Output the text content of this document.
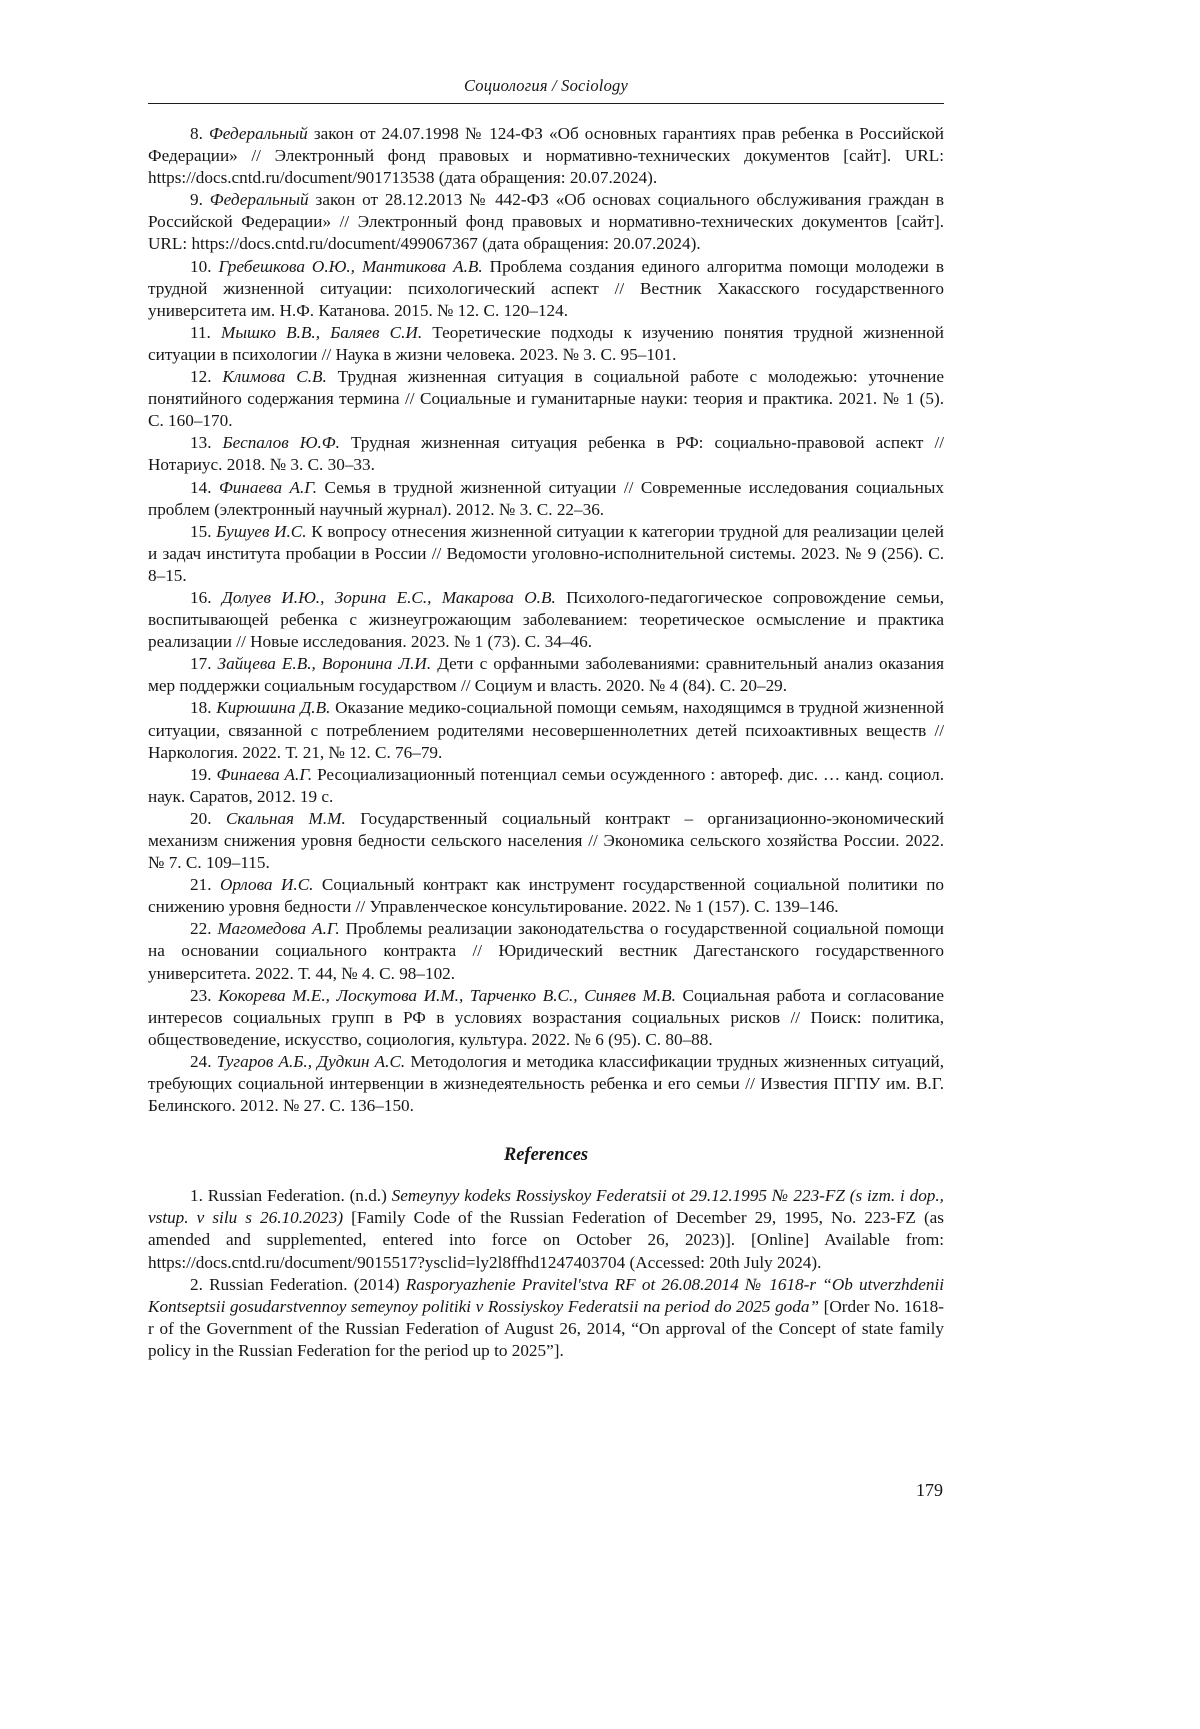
Социология / Sociology

8. Федеральный закон от 24.07.1998 № 124-ФЗ «Об основных гарантиях прав ребенка в Российской Федерации» // Электронный фонд правовых и нормативно-технических документов [сайт]. URL: https://docs.cntd.ru/document/901713538 (дата обращения: 20.07.2024).

9. Федеральный закон от 28.12.2013 № 442-ФЗ «Об основах социального обслуживания граждан в Российской Федерации» // Электронный фонд правовых и нормативно-технических документов [сайт]. URL: https://docs.cntd.ru/document/499067367 (дата обращения: 20.07.2024).

10. Гребешкова О.Ю., Мантикова А.В. Проблема создания единого алгоритма помощи молодежи в трудной жизненной ситуации: психологический аспект // Вестник Хакасского государственного университета им. Н.Ф. Катанова. 2015. № 12. С. 120–124.

11. Мышко В.В., Баляев С.И. Теоретические подходы к изучению понятия трудной жизненной ситуации в психологии // Наука в жизни человека. 2023. № 3. С. 95–101.

12. Климова С.В. Трудная жизненная ситуация в социальной работе с молодежью: уточнение понятийного содержания термина // Социальные и гуманитарные науки: теория и практика. 2021. № 1 (5). С. 160–170.

13. Беспалов Ю.Ф. Трудная жизненная ситуация ребенка в РФ: социально-правовой аспект // Нотариус. 2018. № 3. С. 30–33.

14. Финаева А.Г. Семья в трудной жизненной ситуации // Современные исследования социальных проблем (электронный научный журнал). 2012. № 3. С. 22–36.

15. Бушуев И.С. К вопросу отнесения жизненной ситуации к категории трудной для реализации целей и задач института пробации в России // Ведомости уголовно-исполнительной системы. 2023. № 9 (256). С. 8–15.

16. Долуев И.Ю., Зорина Е.С., Макарова О.В. Психолого-педагогическое сопровождение семьи, воспитывающей ребенка с жизнеугрожающим заболеванием: теоретическое осмысление и практика реализации // Новые исследования. 2023. № 1 (73). С. 34–46.

17. Зайцева Е.В., Воронина Л.И. Дети с орфанными заболеваниями: сравнительный анализ оказания мер поддержки социальным государством // Социум и власть. 2020. № 4 (84). С. 20–29.

18. Кирюшина Д.В. Оказание медико-социальной помощи семьям, находящимся в трудной жизненной ситуации, связанной с потреблением родителями несовершеннолетних детей психоактивных веществ // Наркология. 2022. Т. 21, № 12. С. 76–79.

19. Финаева А.Г. Ресоциализационный потенциал семьи осужденного : автореф. дис. … канд. социол. наук. Саратов, 2012. 19 с.

20. Скальная М.М. Государственный социальный контракт – организационно-экономический механизм снижения уровня бедности сельского населения // Экономика сельского хозяйства России. 2022. № 7. С. 109–115.

21. Орлова И.С. Социальный контракт как инструмент государственной социальной политики по снижению уровня бедности // Управленческое консультирование. 2022. № 1 (157). С. 139–146.

22. Магомедова А.Г. Проблемы реализации законодательства о государственной социальной помощи на основании социального контракта // Юридический вестник Дагестанского государственного университета. 2022. Т. 44, № 4. С. 98–102.

23. Кокорева М.Е., Лоскутова И.М., Тарченко В.С., Синяев М.В. Социальная работа и согласование интересов социальных групп в РФ в условиях возрастания социальных рисков // Поиск: политика, обществоведение, искусство, социология, культура. 2022. № 6 (95). С. 80–88.

24. Тугаров А.Б., Дудкин А.С. Методология и методика классификации трудных жизненных ситуаций, требующих социальной интервенции в жизнедеятельность ребенка и его семьи // Известия ПГПУ им. В.Г. Белинского. 2012. № 27. С. 136–150.

References

1. Russian Federation. (n.d.) Semeynyy kodeks Rossiyskoy Federatsii ot 29.12.1995 № 223-FZ (s izm. i dop., vstup. v silu s 26.10.2023) [Family Code of the Russian Federation of December 29, 1995, No. 223-FZ (as amended and supplemented, entered into force on October 26, 2023)]. [Online] Available from: https://docs.cntd.ru/document/9015517?ysclid=ly2l8ffhd1247403704 (Accessed: 20th July 2024).

2. Russian Federation. (2014) Rasporyazhenie Pravitel'stva RF ot 26.08.2014 № 1618-r “Ob utverzhdenii Kontseptsii gosudarstvennoy semeynoy politiki v Rossiyskoy Federatsii na period do 2025 goda” [Order No. 1618-r of the Government of the Russian Federation of August 26, 2014, “On approval of the Concept of state family policy in the Russian Federation for the period up to 2025”].

179
